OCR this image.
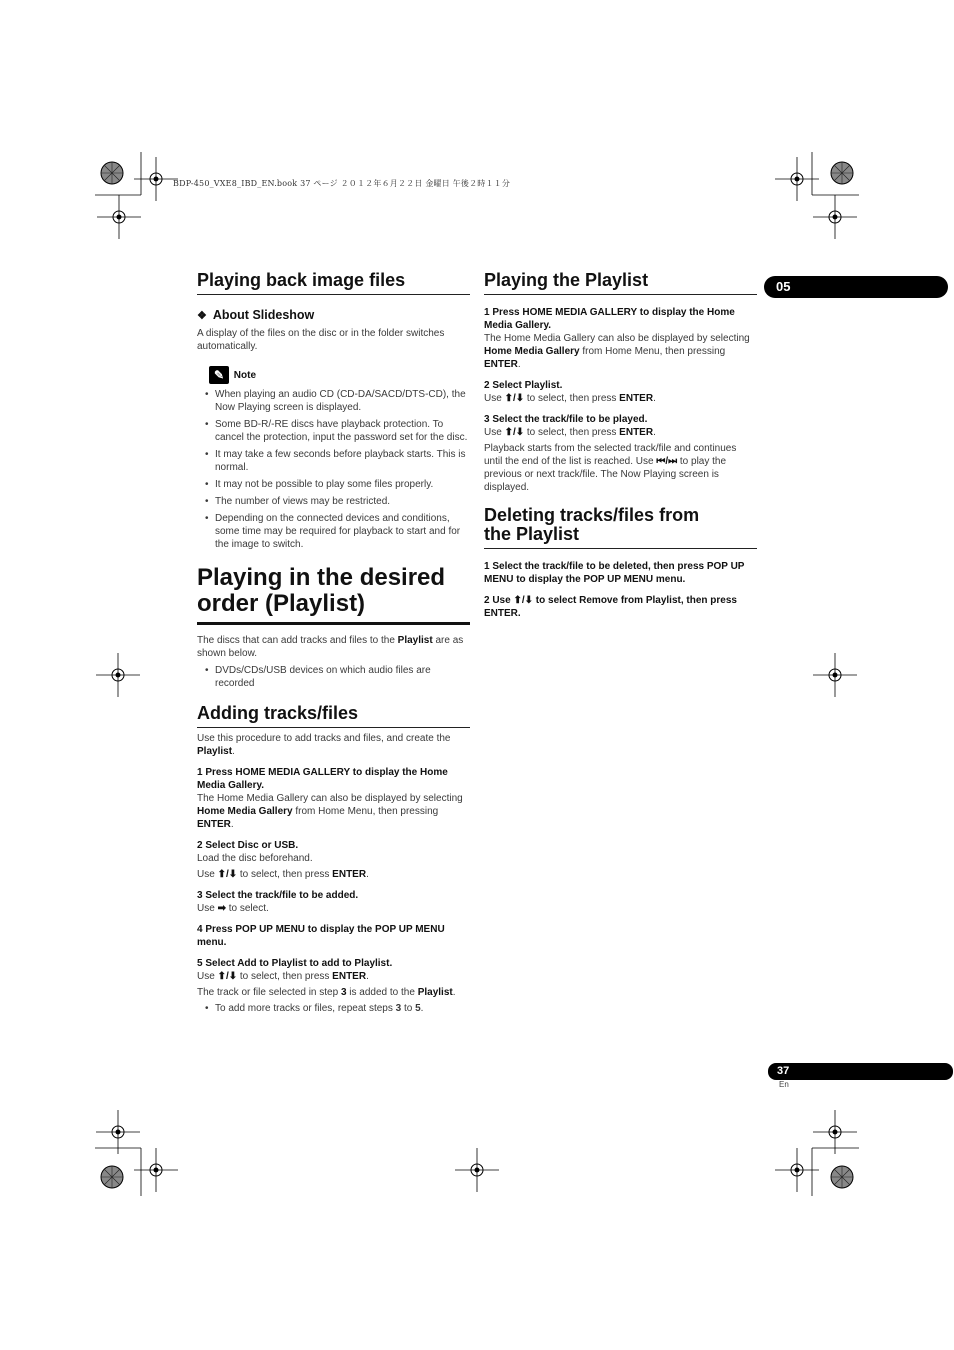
BDP-450_VXE8_IBD_EN.book 37 ページ ２０１２年６月２２日 金曜日 午後２時１１分
05
Playing back image files
❖ About Slideshow
A display of the files on the disc or in the folder switches automatically.
✎ Note
• When playing an audio CD (CD-DA/SACD/DTS-CD), the Now Playing screen is displayed.
• Some BD-R/-RE discs have playback protection. To cancel the protection, input the password set for the disc.
• It may take a few seconds before playback starts. This is normal.
• It may not be possible to play some files properly.
• The number of views may be restricted.
• Depending on the connected devices and conditions, some time may be required for playback to start and for the image to switch.
Playing in the desired
order (Playlist)
The discs that can add tracks and files to the Playlist are as shown below.
• DVDs/CDs/USB devices on which audio files are recorded
Adding tracks/files
Use this procedure to add tracks and files, and create the Playlist.
1 Press HOME MEDIA GALLERY to display the Home Media Gallery.
The Home Media Gallery can also be displayed by selecting Home Media Gallery from Home Menu, then pressing ENTER.
2 Select Disc or USB.
Load the disc beforehand.
Use ⬆/⬇ to select, then press ENTER.
3 Select the track/file to be added.
Use ➡ to select.
4 Press POP UP MENU to display the POP UP MENU menu.
5 Select Add to Playlist to add to Playlist.
Use ⬆/⬇ to select, then press ENTER.
The track or file selected in step 3 is added to the Playlist.
• To add more tracks or files, repeat steps 3 to 5.
Playing the Playlist
1 Press HOME MEDIA GALLERY to display the Home Media Gallery.
The Home Media Gallery can also be displayed by selecting Home Media Gallery from Home Menu, then pressing ENTER.
2 Select Playlist.
Use ⬆/⬇ to select, then press ENTER.
3 Select the track/file to be played.
Use ⬆/⬇ to select, then press ENTER.
Playback starts from the selected track/file and continues until the end of the list is reached. Use ⏮/⏭ to play the previous or next track/file. The Now Playing screen is displayed.
Deleting tracks/files from
the Playlist
1 Select the track/file to be deleted, then press POP UP MENU to display the POP UP MENU menu.
2 Use ⬆/⬇ to select Remove from Playlist, then press ENTER.
37
En
